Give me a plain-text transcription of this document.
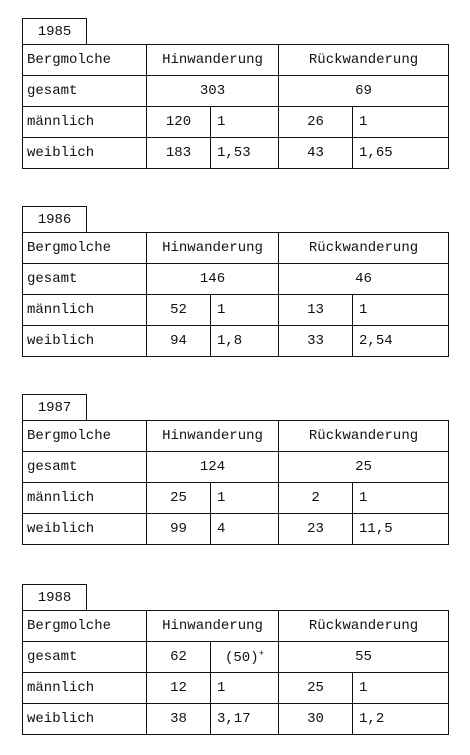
1985
Bergmolche	Hinwanderung		Rückwanderung	
gesamt	303		69	
männlich	120	1	26	1
weiblich	183	1,53	43	1,65
1986
Bergmolche	Hinwanderung		Rückwanderung	
gesamt	146		46	
männlich	52	1	13	1
weiblich	94	1,8	33	2,54
1987
Bergmolche	Hinwanderung		Rückwanderung	
gesamt	124		25	
männlich	25	1	2	1
weiblich	99	4	23	11,5
1988
Bergmolche	Hinwanderung		Rückwanderung	
gesamt	62	(50)+	55	
männlich	12	1	25	1
weiblich	38	3,17	30	1,2
